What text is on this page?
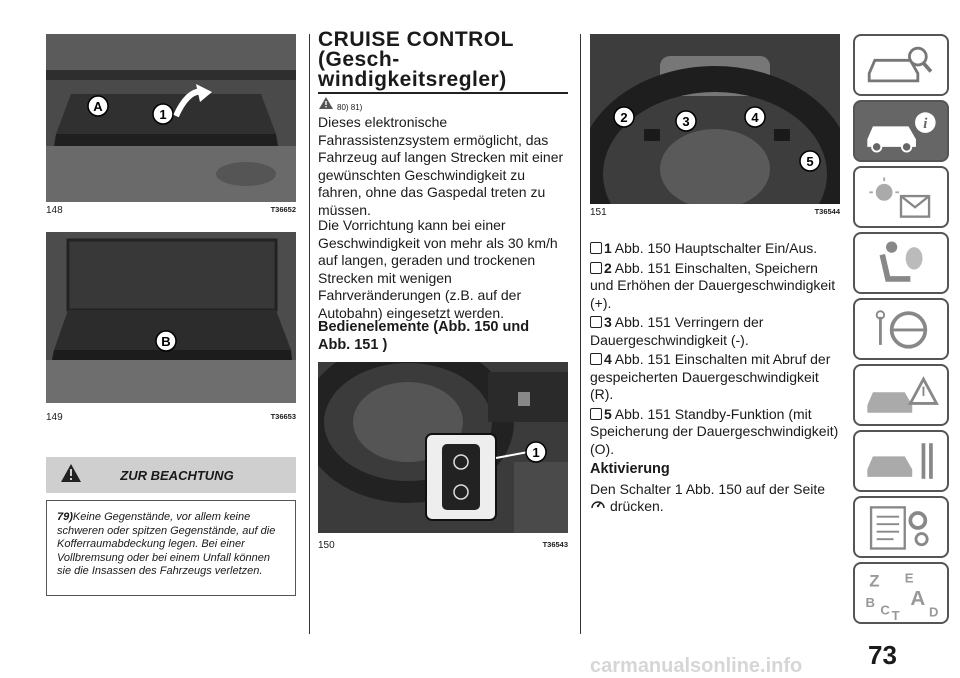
A
1
148	T36652
B
149	T36653
ZUR BEACHTUNG
79)Keine Gegenstände, vor allem keine schweren oder spitzen Gegenstände, auf die Kofferraumabdeckung legen. Bei einer Vollbremsung oder bei einem Unfall können sie die Insassen des Fahrzeugs verletzen.
CRUISE CONTROL
(Gesch-
windigkeitsregler)
80) 81)
Dieses elektronische Fahrassistenzsystem ermöglicht, das Fahrzeug auf langen Strecken mit einer gewünschten Geschwindigkeit zu fahren, ohne das Gaspedal treten zu müssen.
Die Vorrichtung kann bei einer Geschwindigkeit von mehr als 30 km/h auf langen, geraden und trockenen Strecken mit wenigen Fahrveränderungen (z.B. auf der Autobahn) eingesetzt werden.
Bedienelemente (Abb. 150 und Abb. 151 )
1
150	T36543
18887
2	3	4
5
151	T36544
1 Abb. 150 Hauptschalter Ein/Aus.
2 Abb. 151 Einschalten, Speichern und Erhöhen der Dauergeschwindigkeit (+).
3 Abb. 151 Verringern der Dauergeschwindigkeit (-).
4 Abb. 151 Einschalten mit Abruf der gespeicherten Dauergeschwindigkeit (R).
5 Abb. 151 Standby-Funktion (mit Speicherung der Dauergeschwindigkeit) (O).
Aktivierung
Den Schalter 1 Abb. 150 auf der Seite
drücken.
i
Z E
A
B C T D
73
carmanualsonline.info
